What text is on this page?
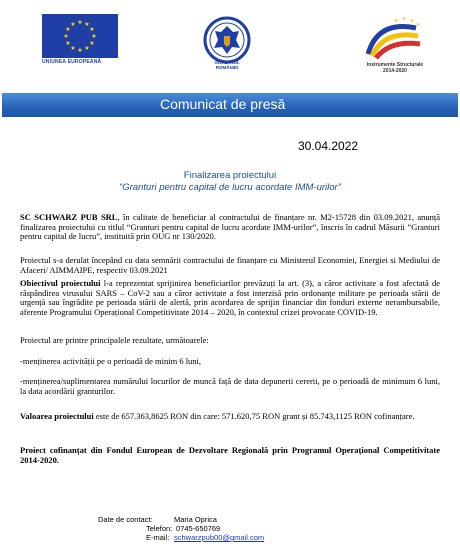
★ ★
★
★
★
★
★
★
★
★
★
★
UNIUNEA EUROPEANĂ	GUVERNUL ROMÂNIEI
★ ★ ★
★
Instrumente Structurale
2014-2020
Comunicat de presă
30.04.2022
Finalizarea proiectului
“Granturi pentru capital de lucru acordate IMM-urilor”
SC SCHWARZ PUB SRL, în calitate de beneficiar al contractului de finanțare nr. M2-15728 din 03.09.2021, anunță finalizarea proiectului cu titlul “Granturi pentru capital de lucru acordate IMM-urilor”, înscris în cadrul Măsurii ”Granturi pentru capital de lucru”, instituită prin OUG nr 130/2020.
Proiectul s-a derulat începând cu data semnării contractului de finanțare cu Ministerul Economiei, Energiei si Mediului de Afaceri/ AIMMAIPE, respectiv 03.09.2021
Obiectivul proiectului l-a reprezentat sprijinirea beneficiarilor prevăzuți la art. (3), a căror activitate a fost afectată de răspândirea virusului SARS – CoV-2 sau a căror activitate a fost interzisă prin ordonanțe militare pe perioada stării de urgență sau îngrădite pe perioada stării de alertă, prin acordarea de sprijin financiar din fonduri externe nerambursabile, aferente Programului Operațional Competitivitate 2014 – 2020, în contextul crizei provocate COVID-19.
Proiectul are printre principalele rezultate, următoarele:
-menținerea activității pe o perioadă de minim 6 luni,
-menținerea/suplimentarea numărului locurilor de muncă față de data depunerii cererii, pe o perioadă de minimum 6 luni, la data acordării granturilor.
Valoarea proiectului este de 657.363,8625 RON din care: 571.620,75 RON grant și 85.743,1125 RON cofinanțare.
Proiect cofinanțat din Fondul European de Dezvoltare Regională prin Programul Operațional Competitivitate 2014-2020.
Date de contact:	Maria Oprica
Telefon: 0745-650769
E-mail: schwarzpub00@gmail.com
